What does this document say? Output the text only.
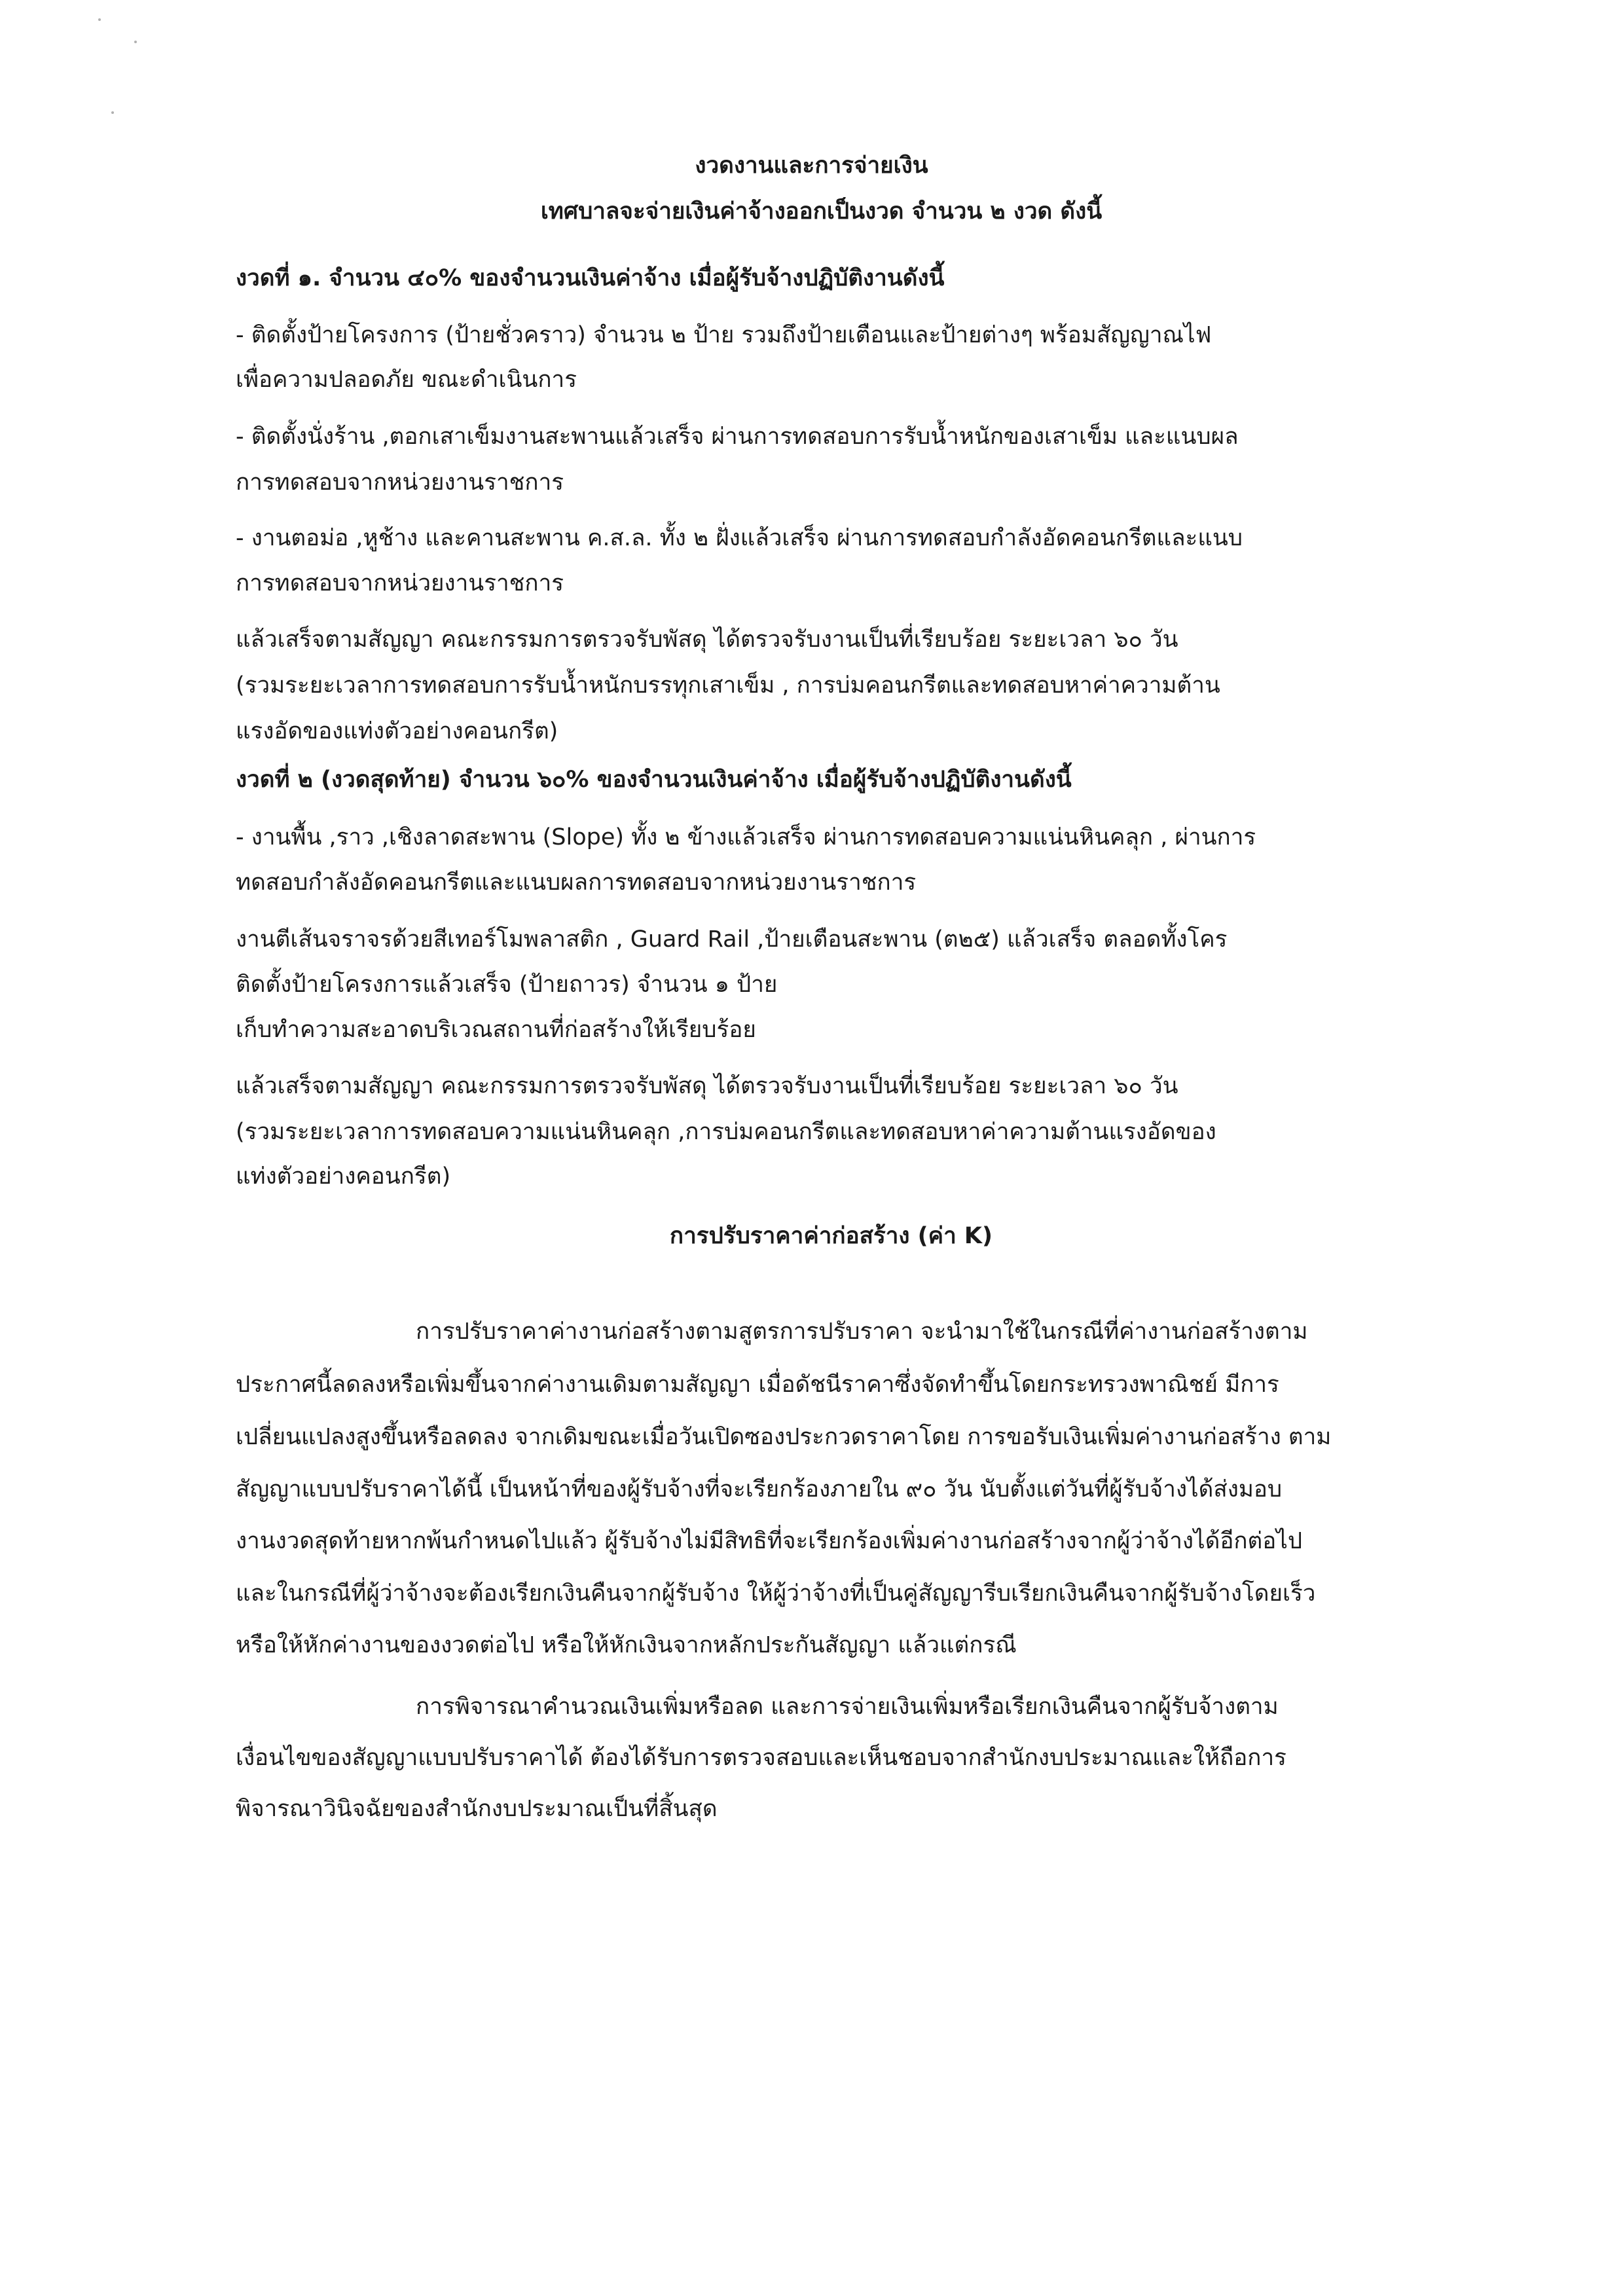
งวดงานและการจ่ายเงิน
เทศบาลจะจ่ายเงินค่าจ้างออกเป็นงวด จำนวน ๒ งวด ดังนี้
งวดที่ ๑. จำนวน ๔๐% ของจำนวนเงินค่าจ้าง เมื่อผู้รับจ้างปฏิบัติงานดังนี้
- ติดตั้งป้ายโครงการ (ป้ายชั่วคราว) จำนวน ๒ ป้าย รวมถึงป้ายเตือนและป้ายต่างๆ พร้อมสัญญาณไฟ
เพื่อความปลอดภัย ขณะดำเนินการ
- ติดตั้งนั่งร้าน ,ตอกเสาเข็มงานสะพานแล้วเสร็จ ผ่านการทดสอบการรับน้ำหนักของเสาเข็ม และแนบผล
การทดสอบจากหน่วยงานราชการ
- งานตอม่อ ,หูช้าง และคานสะพาน ค.ส.ล. ทั้ง ๒ ฝั่งแล้วเสร็จ ผ่านการทดสอบกำลังอัดคอนกรีตและแนบ
การทดสอบจากหน่วยงานราชการ
แล้วเสร็จตามสัญญา คณะกรรมการตรวจรับพัสดุ ได้ตรวจรับงานเป็นที่เรียบร้อย ระยะเวลา ๖๐ วัน
(รวมระยะเวลาการทดสอบการรับน้ำหนักบรรทุกเสาเข็ม , การบ่มคอนกรีตและทดสอบหาค่าความต้าน
แรงอัดของแท่งตัวอย่างคอนกรีต)
งวดที่ ๒ (งวดสุดท้าย) จำนวน ๖๐% ของจำนวนเงินค่าจ้าง เมื่อผู้รับจ้างปฏิบัติงานดังนี้
- งานพื้น ,ราว ,เชิงลาดสะพาน (Slope) ทั้ง ๒ ข้างแล้วเสร็จ ผ่านการทดสอบความแน่นหินคลุก , ผ่านการ
ทดสอบกำลังอัดคอนกรีตและแนบผลการทดสอบจากหน่วยงานราชการ
งานตีเส้นจราจรด้วยสีเทอร์โมพลาสติก , Guard Rail ,ป้ายเตือนสะพาน (ต๒๕) แล้วเสร็จ ตลอดทั้งโคร
ติดตั้งป้ายโครงการแล้วเสร็จ (ป้ายถาวร) จำนวน ๑ ป้าย
เก็บทำความสะอาดบริเวณสถานที่ก่อสร้างให้เรียบร้อย
แล้วเสร็จตามสัญญา คณะกรรมการตรวจรับพัสดุ ได้ตรวจรับงานเป็นที่เรียบร้อย ระยะเวลา ๖๐ วัน
(รวมระยะเวลาการทดสอบความแน่นหินคลุก ,การบ่มคอนกรีตและทดสอบหาค่าความต้านแรงอัดของ
แท่งตัวอย่างคอนกรีต)
การปรับราคาค่าก่อสร้าง (ค่า K)
การปรับราคาค่างานก่อสร้างตามสูตรการปรับราคา จะนำมาใช้ในกรณีที่ค่างานก่อสร้างตาม
ประกาศนี้ลดลงหรือเพิ่มขึ้นจากค่างานเดิมตามสัญญา เมื่อดัชนีราคาซึ่งจัดทำขึ้นโดยกระทรวงพาณิชย์ มีการ
เปลี่ยนแปลงสูงขึ้นหรือลดลง จากเดิมขณะเมื่อวันเปิดซองประกวดราคาโดย การขอรับเงินเพิ่มค่างานก่อสร้าง ตาม
สัญญาแบบปรับราคาได้นี้ เป็นหน้าที่ของผู้รับจ้างที่จะเรียกร้องภายใน ๙๐ วัน นับตั้งแต่วันที่ผู้รับจ้างได้ส่งมอบ
งานงวดสุดท้ายหากพ้นกำหนดไปแล้ว ผู้รับจ้างไม่มีสิทธิที่จะเรียกร้องเพิ่มค่างานก่อสร้างจากผู้ว่าจ้างได้อีกต่อไป
และในกรณีที่ผู้ว่าจ้างจะต้องเรียกเงินคืนจากผู้รับจ้าง ให้ผู้ว่าจ้างที่เป็นคู่สัญญารีบเรียกเงินคืนจากผู้รับจ้างโดยเร็ว
หรือให้หักค่างานของงวดต่อไป หรือให้หักเงินจากหลักประกันสัญญา แล้วแต่กรณี
การพิจารณาคำนวณเงินเพิ่มหรือลด และการจ่ายเงินเพิ่มหรือเรียกเงินคืนจากผู้รับจ้างตาม
เงื่อนไขของสัญญาแบบปรับราคาได้ ต้องได้รับการตรวจสอบและเห็นชอบจากสำนักงบประมาณและให้ถือการ
พิจารณาวินิจฉัยของสำนักงบประมาณเป็นที่สิ้นสุด
